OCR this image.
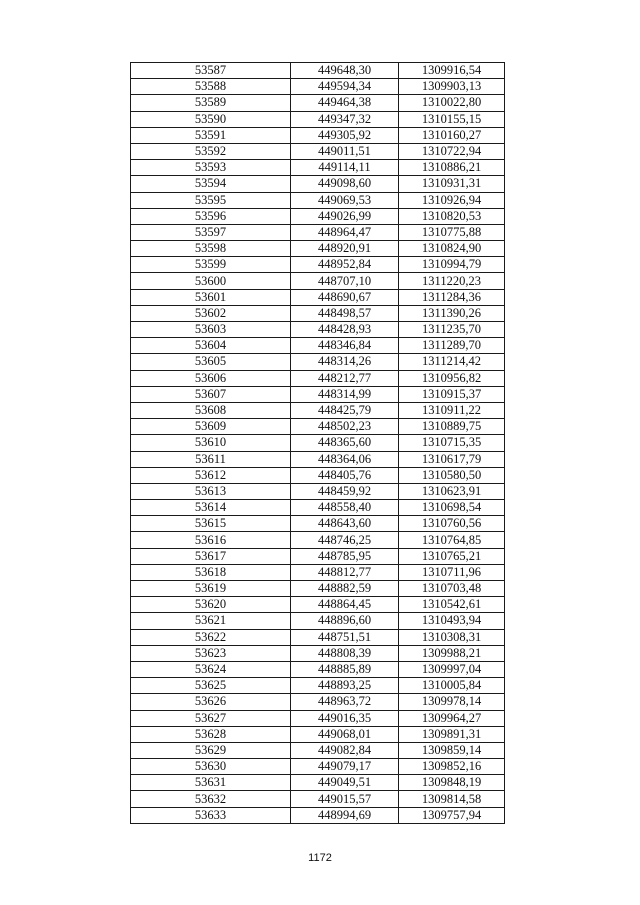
53587	449648,30	1309916,54
53588	449594,34	1309903,13
53589	449464,38	1310022,80
53590	449347,32	1310155,15
53591	449305,92	1310160,27
53592	449011,51	1310722,94
53593	449114,11	1310886,21
53594	449098,60	1310931,31
53595	449069,53	1310926,94
53596	449026,99	1310820,53
53597	448964,47	1310775,88
53598	448920,91	1310824,90
53599	448952,84	1310994,79
53600	448707,10	1311220,23
53601	448690,67	1311284,36
53602	448498,57	1311390,26
53603	448428,93	1311235,70
53604	448346,84	1311289,70
53605	448314,26	1311214,42
53606	448212,77	1310956,82
53607	448314,99	1310915,37
53608	448425,79	1310911,22
53609	448502,23	1310889,75
53610	448365,60	1310715,35
53611	448364,06	1310617,79
53612	448405,76	1310580,50
53613	448459,92	1310623,91
53614	448558,40	1310698,54
53615	448643,60	1310760,56
53616	448746,25	1310764,85
53617	448785,95	1310765,21
53618	448812,77	1310711,96
53619	448882,59	1310703,48
53620	448864,45	1310542,61
53621	448896,60	1310493,94
53622	448751,51	1310308,31
53623	448808,39	1309988,21
53624	448885,89	1309997,04
53625	448893,25	1310005,84
53626	448963,72	1309978,14
53627	449016,35	1309964,27
53628	449068,01	1309891,31
53629	449082,84	1309859,14
53630	449079,17	1309852,16
53631	449049,51	1309848,19
53632	449015,57	1309814,58
53633	448994,69	1309757,94
1172
